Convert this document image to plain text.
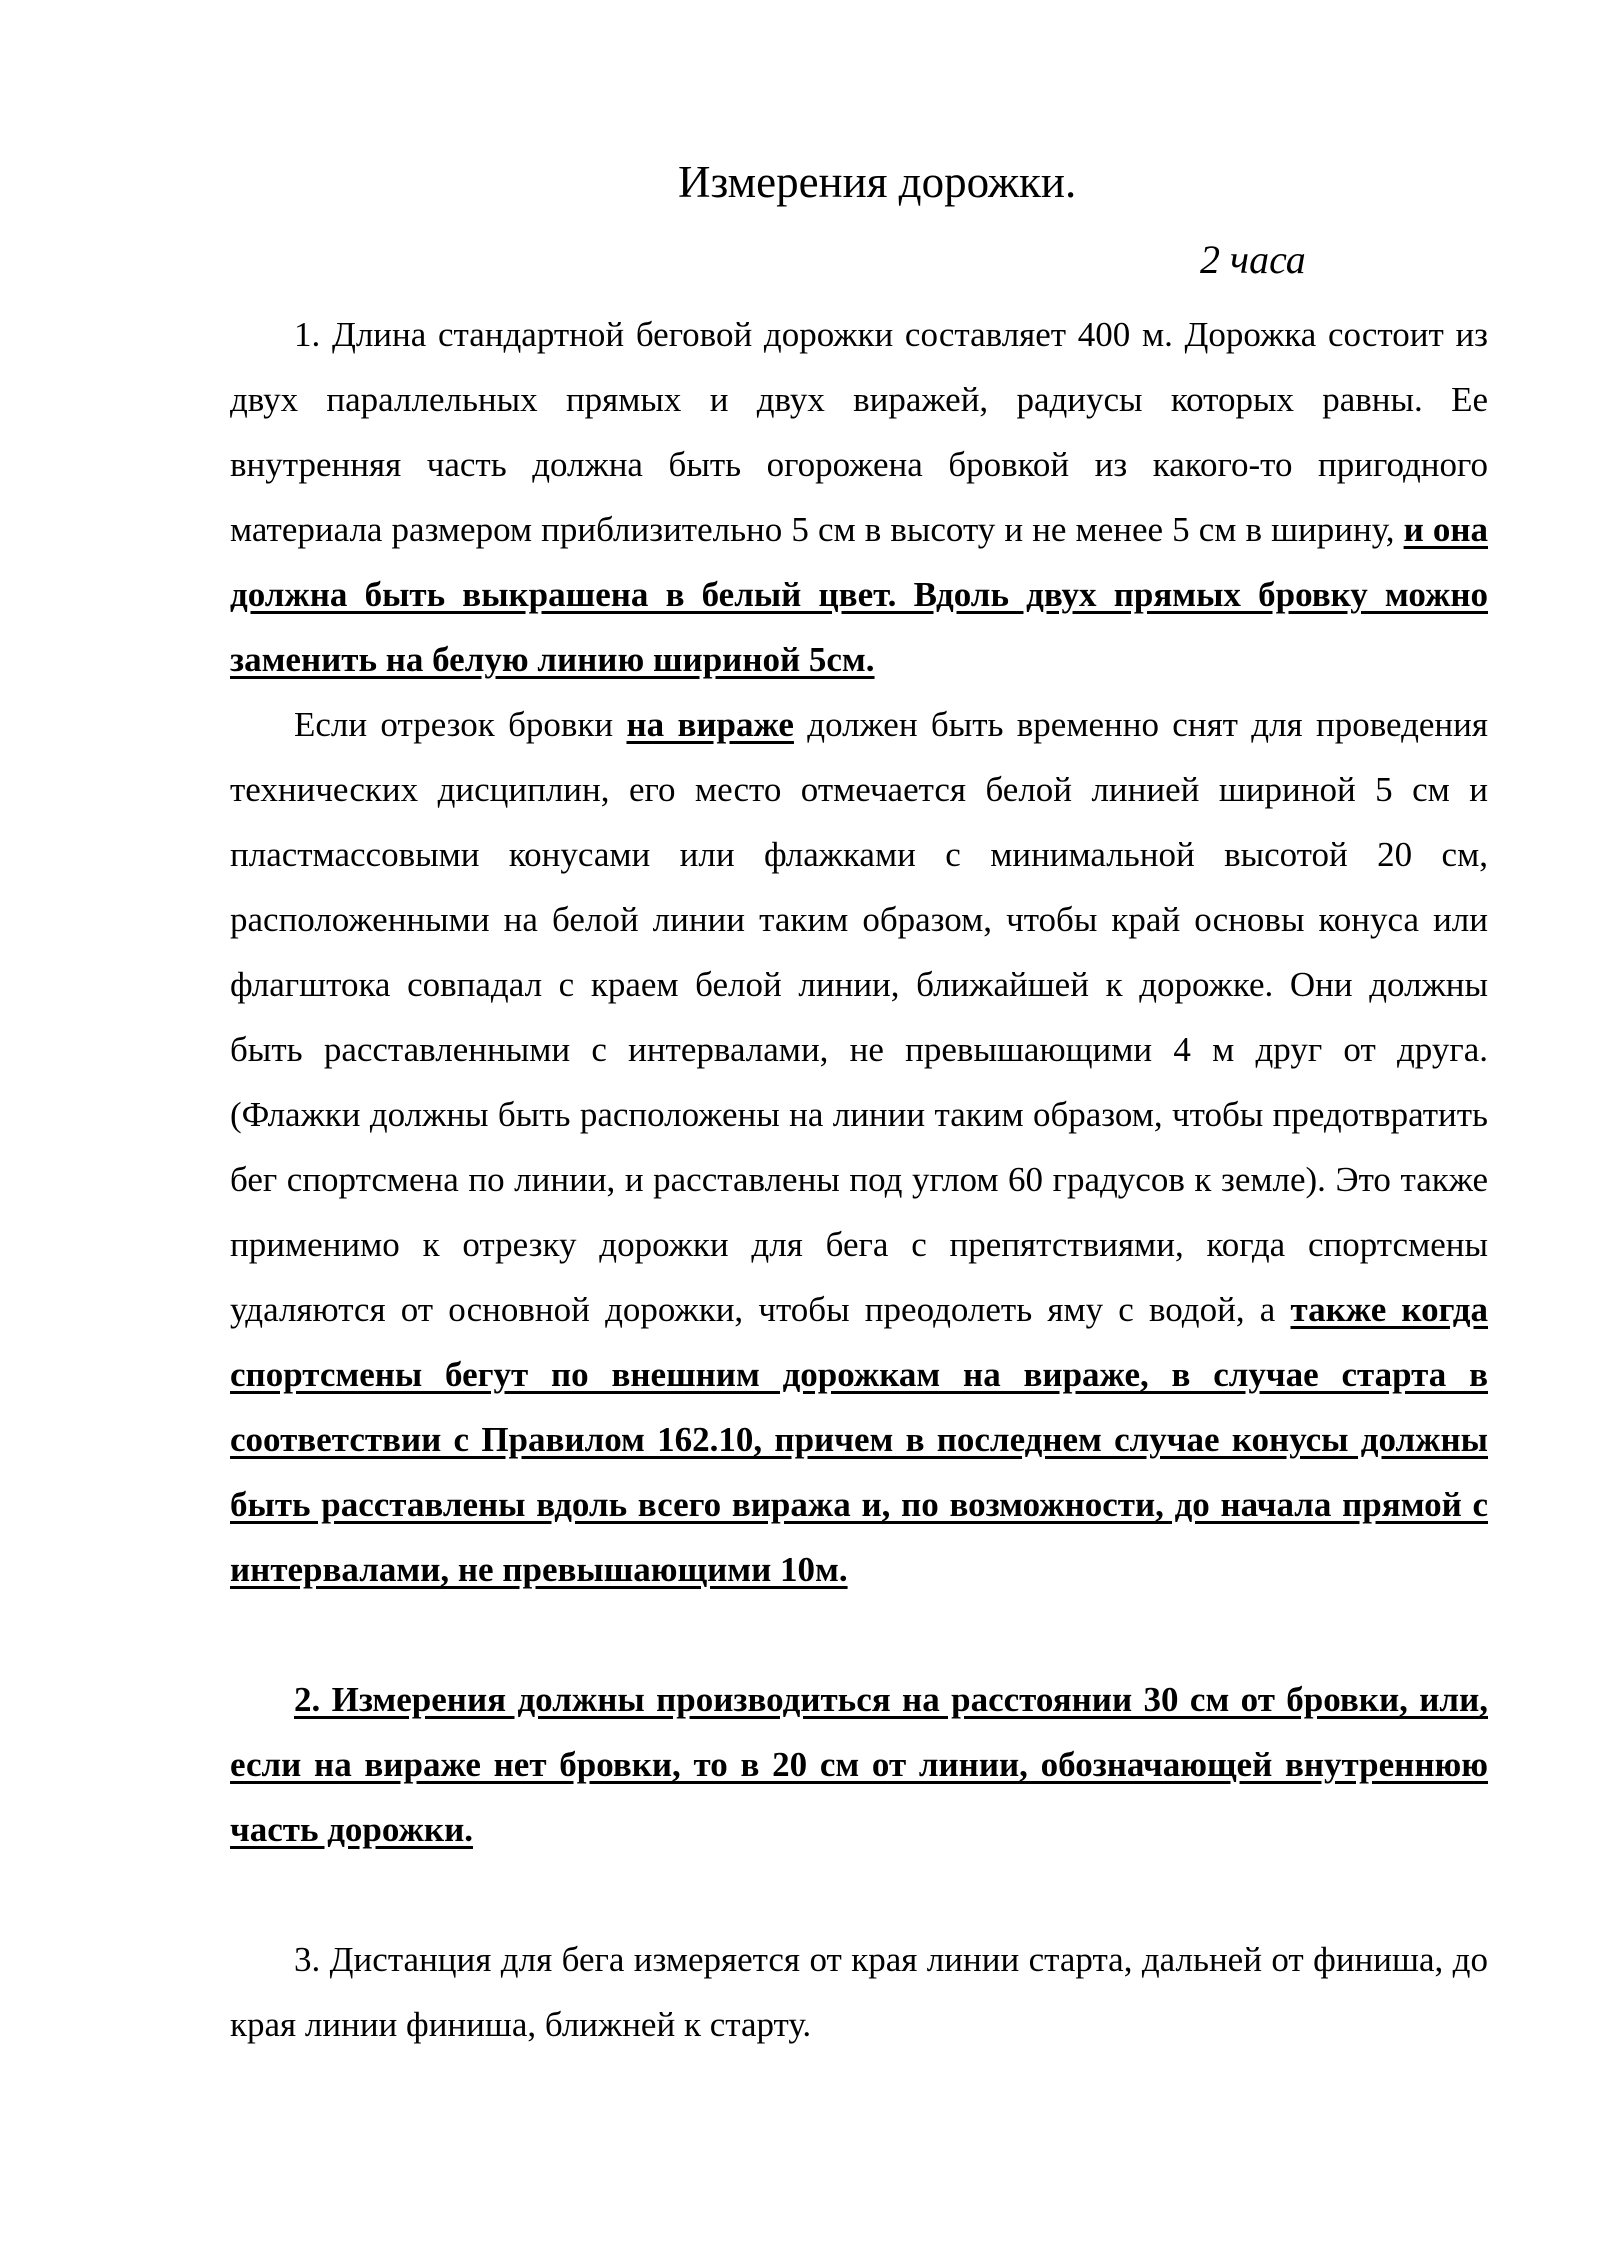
Измерения дорожки.
2 часа

1. Длина стандартной беговой дорожки составляет 400 м. Дорожка состоит из двух параллельных прямых и двух виражей, радиусы которых равны. Ее внутренняя часть должна быть огорожена бровкой из какого-то пригодного материала размером приблизительно 5 см в высоту и не менее 5 см в ширину, и она должна быть выкрашена в белый цвет. Вдоль двух прямых бровку можно заменить на белую линию шириной 5см.

Если отрезок бровки на вираже должен быть временно снят для проведения технических дисциплин, его место отмечается белой линией шириной 5 см и пластмассовыми конусами или флажками с минимальной высотой 20 см, расположенными на белой линии таким образом, чтобы край основы конуса или флагштока совпадал с краем белой линии, ближайшей к дорожке. Они должны быть расставленными с интервалами, не превышающими 4 м друг от друга. (Флажки должны быть расположены на линии таким образом, чтобы предотвратить бег спортсмена по линии, и расставлены под углом 60 градусов к земле). Это также применимо к отрезку дорожки для бега с препятствиями, когда спортсмены удаляются от основной дорожки, чтобы преодолеть яму с водой, а также когда спортсмены бегут по внешним дорожкам на вираже, в случае старта в соответствии с Правилом 162.10, причем в последнем случае конусы должны быть расставлены вдоль всего виража и, по возможности, до начала прямой с интервалами, не превышающими 10м.

2. Измерения должны производиться на расстоянии 30 см от бровки, или, если на вираже нет бровки, то в 20 см от линии, обозначающей внутреннюю часть дорожки.

3. Дистанция для бега измеряется от края линии старта, дальней от финиша, до края линии финиша, ближней к старту.
